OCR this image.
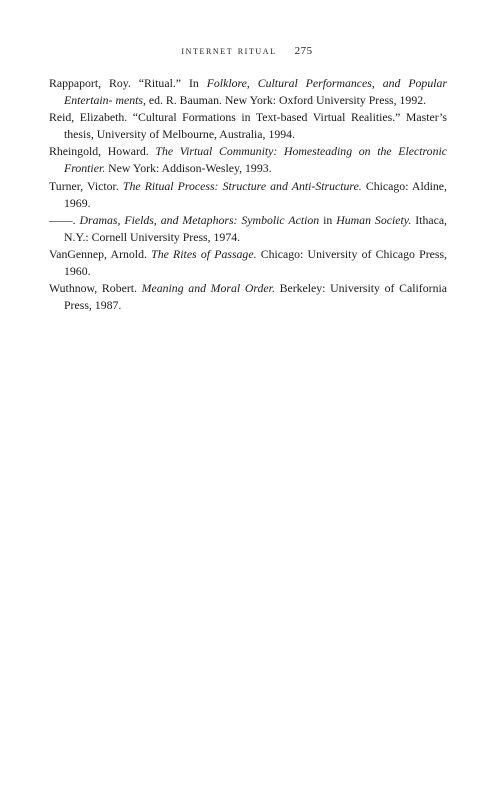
internet ritual 275

Rappaport, Roy. “Ritual.” In Folklore, Cultural Performances, and Popular Entertain- ments, ed. R. Bauman. New York: Oxford University Press, 1992.

Reid, Elizabeth. “Cultural Formations in Text-based Virtual Realities.” Master’s thesis, University of Melbourne, Australia, 1994.

Rheingold, Howard. The Virtual Community: Homesteading on the Electronic Frontier. New York: Addison-Wesley, 1993.

Turner, Victor. The Ritual Process: Structure and Anti-Structure. Chicago: Aldine, 1969.

——. Dramas, Fields, and Metaphors: Symbolic Action in Human Society. Ithaca, N.Y.: Cornell University Press, 1974.

VanGennep, Arnold. The Rites of Passage. Chicago: University of Chicago Press, 1960.

Wuthnow, Robert. Meaning and Moral Order. Berkeley: University of California Press, 1987.
